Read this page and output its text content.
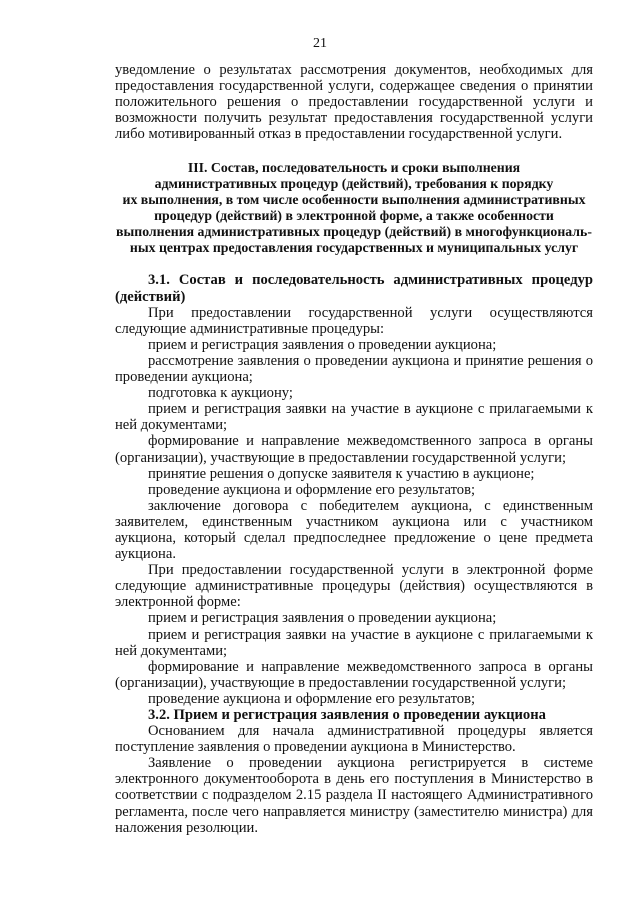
21

уведомление о результатах рассмотрения документов, необходимых для предоставления государственной услуги, содержащее сведения о принятии положительного решения о предоставлении государственной услуги и возможности получить результат предоставления государственной услуги либо мотивированный отказ в предоставлении государственной услуги.

III. Состав, последовательность и сроки выполнения

административных процедур (действий), требования к порядку

их выполнения, в том числе особенности выполнения административных

процедур (действий) в электронной форме, а также особенности

выполнения административных процедур (действий) в многофункциональ-

ных центрах предоставления государственных и муниципальных услуг

3.1. Состав и последовательность административных процедур (действий)

При предоставлении государственной услуги осуществляются следующие административные процедуры:

прием и регистрация заявления о проведении аукциона;

рассмотрение заявления о проведении аукциона и принятие решения о проведении аукциона;

подготовка к аукциону;

прием и регистрация заявки на участие в аукционе с прилагаемыми к ней документами;

формирование и направление межведомственного запроса в органы (организации), участвующие в предоставлении государственной услуги;

принятие решения о допуске заявителя к участию в аукционе;

проведение аукциона и оформление его результатов;

заключение договора с победителем аукциона, с единственным заявителем, единственным участником аукциона или с участником аукциона, который сделал предпоследнее предложение о цене предмета аукциона.

При предоставлении государственной услуги в электронной форме следующие административные процедуры (действия) осуществляются в электронной форме:

прием и регистрация заявления о проведении аукциона;

прием и регистрация заявки на участие в аукционе с прилагаемыми к ней документами;

формирование и направление межведомственного запроса в органы (организации), участвующие в предоставлении государственной услуги;

проведение аукциона и оформление его результатов;

3.2. Прием и регистрация заявления о проведении аукциона

Основанием для начала административной процедуры является поступление заявления о проведении аукциона в Министерство.

Заявление о проведении аукциона регистрируется в системе электронного документооборота в день его поступления в Министерство в соответствии с подразделом 2.15 раздела II настоящего Административного регламента, после чего направляется министру (заместителю министра) для наложения резолюции.
